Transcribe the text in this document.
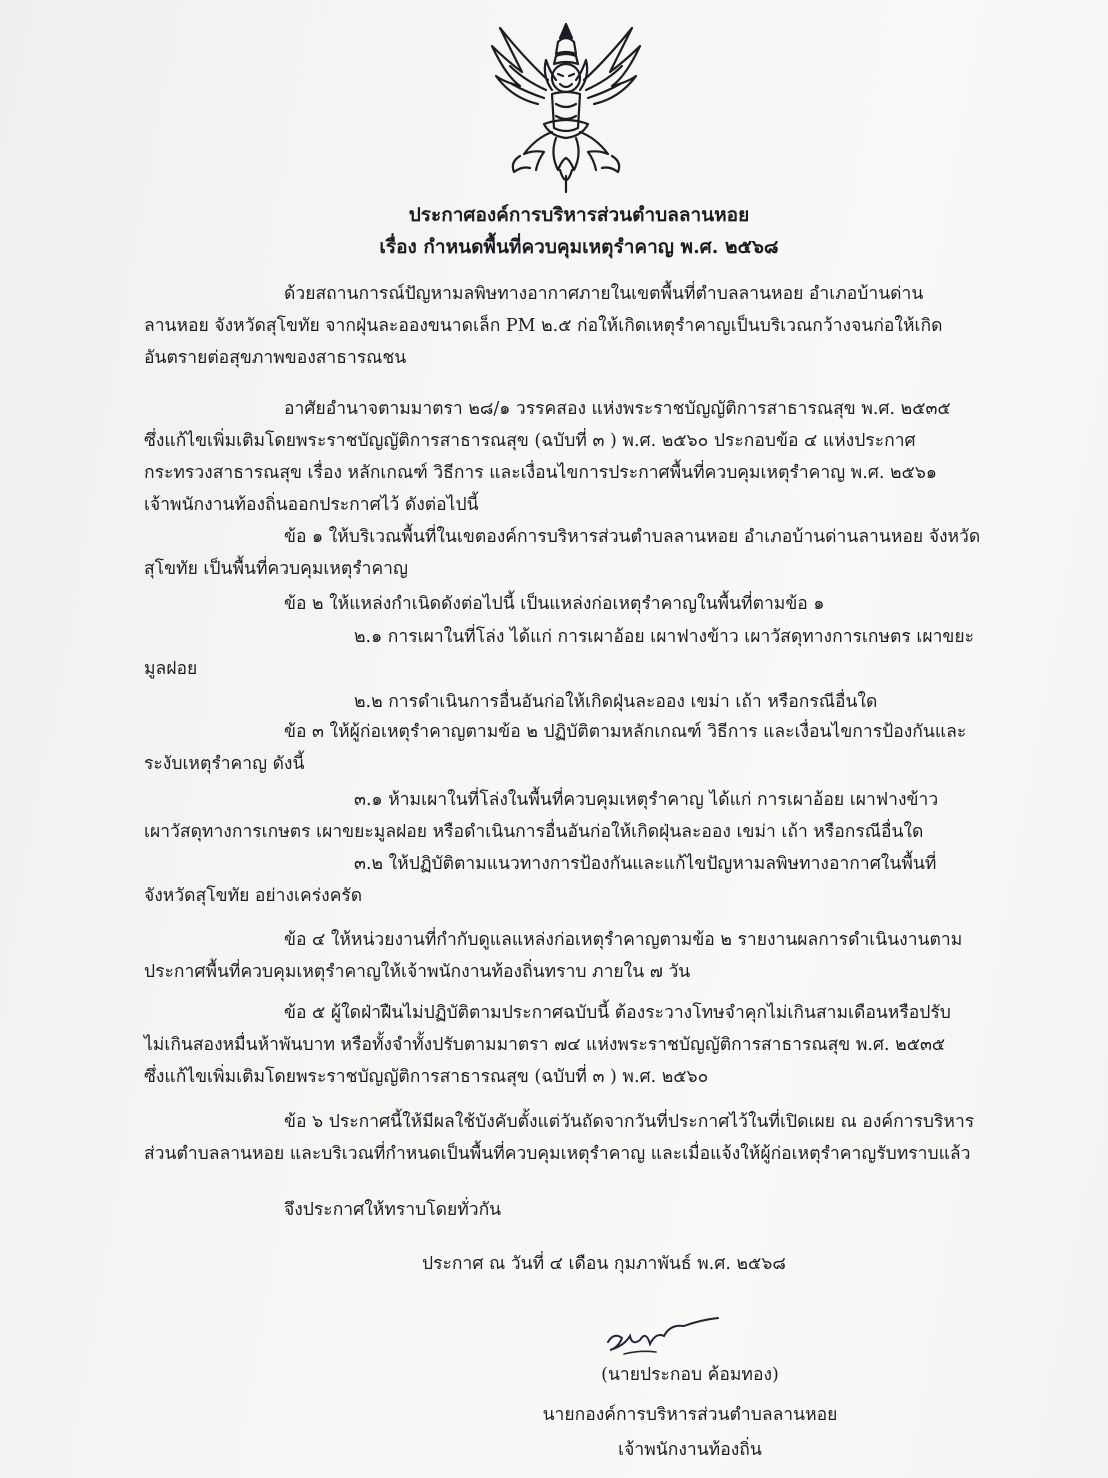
ประกาศองค์การบริหารส่วนตำบลลานหอย
เรื่อง กำหนดพื้นที่ควบคุมเหตุรำคาญ พ.ศ. ๒๕๖๘
ด้วยสถานการณ์ปัญหามลพิษทางอากาศภายในเขตพื้นที่ตำบลลานหอย อำเภอบ้านด่าน
ลานหอย จังหวัดสุโขทัย จากฝุ่นละอองขนาดเล็ก PM ๒.๕ ก่อให้เกิดเหตุรำคาญเป็นบริเวณกว้างจนก่อให้เกิด
อันตรายต่อสุขภาพของสาธารณชน
อาศัยอำนาจตามมาตรา ๒๘/๑ วรรคสอง แห่งพระราชบัญญัติการสาธารณสุข พ.ศ. ๒๕๓๕
ซึ่งแก้ไขเพิ่มเติมโดยพระราชบัญญัติการสาธารณสุข (ฉบับที่ ๓ ) พ.ศ. ๒๕๖๐ ประกอบข้อ ๔ แห่งประกาศ
กระทรวงสาธารณสุข เรื่อง หลักเกณฑ์ วิธีการ และเงื่อนไขการประกาศพื้นที่ควบคุมเหตุรำคาญ พ.ศ. ๒๕๖๑
เจ้าพนักงานท้องถิ่นออกประกาศไว้ ดังต่อไปนี้
ข้อ ๑ ให้บริเวณพื้นที่ในเขตองค์การบริหารส่วนตำบลลานหอย อำเภอบ้านด่านลานหอย จังหวัด
สุโขทัย เป็นพื้นที่ควบคุมเหตุรำคาญ
ข้อ ๒ ให้แหล่งกำเนิดดังต่อไปนี้ เป็นแหล่งก่อเหตุรำคาญในพื้นที่ตามข้อ ๑
๒.๑ การเผาในที่โล่ง ได้แก่ การเผาอ้อย เผาฟางข้าว เผาวัสดุทางการเกษตร เผาขยะ
มูลฝอย
๒.๒ การดำเนินการอื่นอันก่อให้เกิดฝุ่นละออง เขม่า เถ้า หรือกรณีอื่นใด
ข้อ ๓ ให้ผู้ก่อเหตุรำคาญตามข้อ ๒ ปฏิบัติตามหลักเกณฑ์ วิธีการ และเงื่อนไขการป้องกันและ
ระงับเหตุรำคาญ ดังนี้
๓.๑ ห้ามเผาในที่โล่งในพื้นที่ควบคุมเหตุรำคาญ ได้แก่ การเผาอ้อย เผาฟางข้าว
เผาวัสดุทางการเกษตร เผาขยะมูลฝอย หรือดำเนินการอื่นอันก่อให้เกิดฝุ่นละออง เขม่า เถ้า หรือกรณีอื่นใด
๓.๒ ให้ปฏิบัติตามแนวทางการป้องกันและแก้ไขปัญหามลพิษทางอากาศในพื้นที่
จังหวัดสุโขทัย อย่างเคร่งครัด
ข้อ ๔ ให้หน่วยงานที่กำกับดูแลแหล่งก่อเหตุรำคาญตามข้อ ๒ รายงานผลการดำเนินงานตาม
ประกาศพื้นที่ควบคุมเหตุรำคาญให้เจ้าพนักงานท้องถิ่นทราบ ภายใน ๗ วัน
ข้อ ๕ ผู้ใดฝ่าฝืนไม่ปฏิบัติตามประกาศฉบับนี้ ต้องระวางโทษจำคุกไม่เกินสามเดือนหรือปรับ
ไม่เกินสองหมื่นห้าพันบาท หรือทั้งจำทั้งปรับตามมาตรา ๗๔ แห่งพระราชบัญญัติการสาธารณสุข พ.ศ. ๒๕๓๕
ซึ่งแก้ไขเพิ่มเติมโดยพระราชบัญญัติการสาธารณสุข (ฉบับที่ ๓ ) พ.ศ. ๒๕๖๐
ข้อ ๖ ประกาศนี้ให้มีผลใช้บังคับตั้งแต่วันถัดจากวันที่ประกาศไว้ในที่เปิดเผย ณ องค์การบริหาร
ส่วนตำบลลานหอย และบริเวณที่กำหนดเป็นพื้นที่ควบคุมเหตุรำคาญ และเมื่อแจ้งให้ผู้ก่อเหตุรำคาญรับทราบแล้ว
จึงประกาศให้ทราบโดยทั่วกัน
ประกาศ ณ วันที่ ๔ เดือน กุมภาพันธ์ พ.ศ. ๒๕๖๘
(นายประกอบ ค้อมทอง)
นายกองค์การบริหารส่วนตำบลลานหอย
เจ้าพนักงานท้องถิ่น
